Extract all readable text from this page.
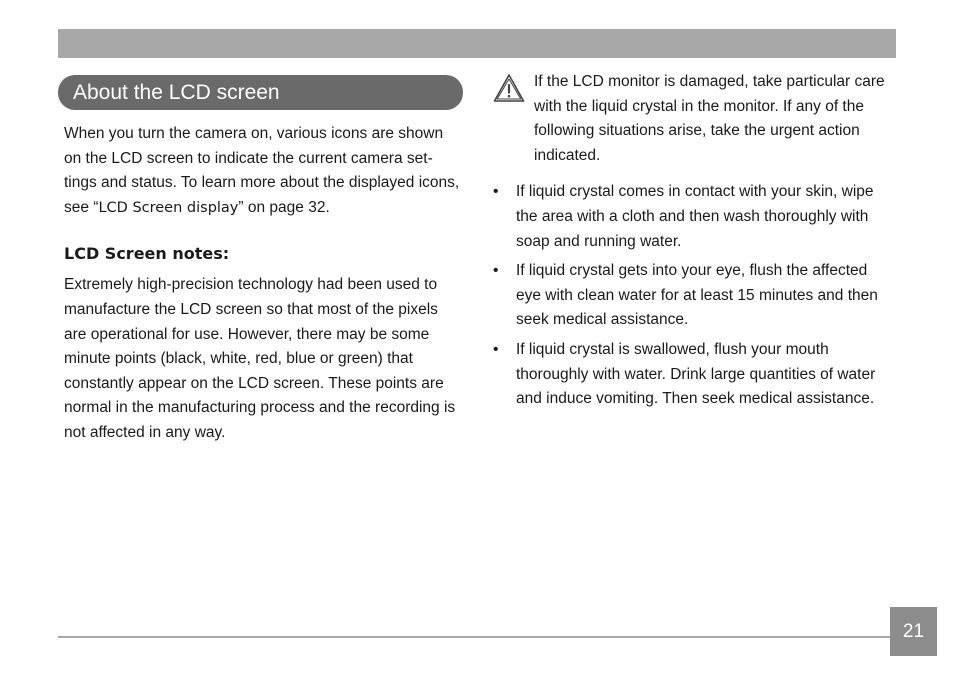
About the LCD screen

When you turn the camera on, various icons are shown on the LCD screen to indicate the current camera set-tings and status. To learn more about the displayed icons, see “LCD Screen display” on page 32.

LCD Screen notes:

Extremely high-precision technology had been used to manufacture the LCD screen so that most of the pixels are operational for use. However, there may be some minute points (black, white, red, blue or green) that constantly appear on the LCD screen. These points are normal in the manufacturing process and the recording is not affected in any way.

If the LCD monitor is damaged, take particular care with the liquid crystal in the monitor. If any of the following situations arise, take the urgent action indicated.
• If liquid crystal comes in contact with your skin, wipe the area with a cloth and then wash thoroughly with soap and running water.
• If liquid crystal gets into your eye, flush the affected eye with clean water for at least 15 minutes and then seek medical assistance.
• If liquid crystal is swallowed, flush your mouth thoroughly with water. Drink large quantities of water and induce vomiting. Then seek medical assistance.
21
